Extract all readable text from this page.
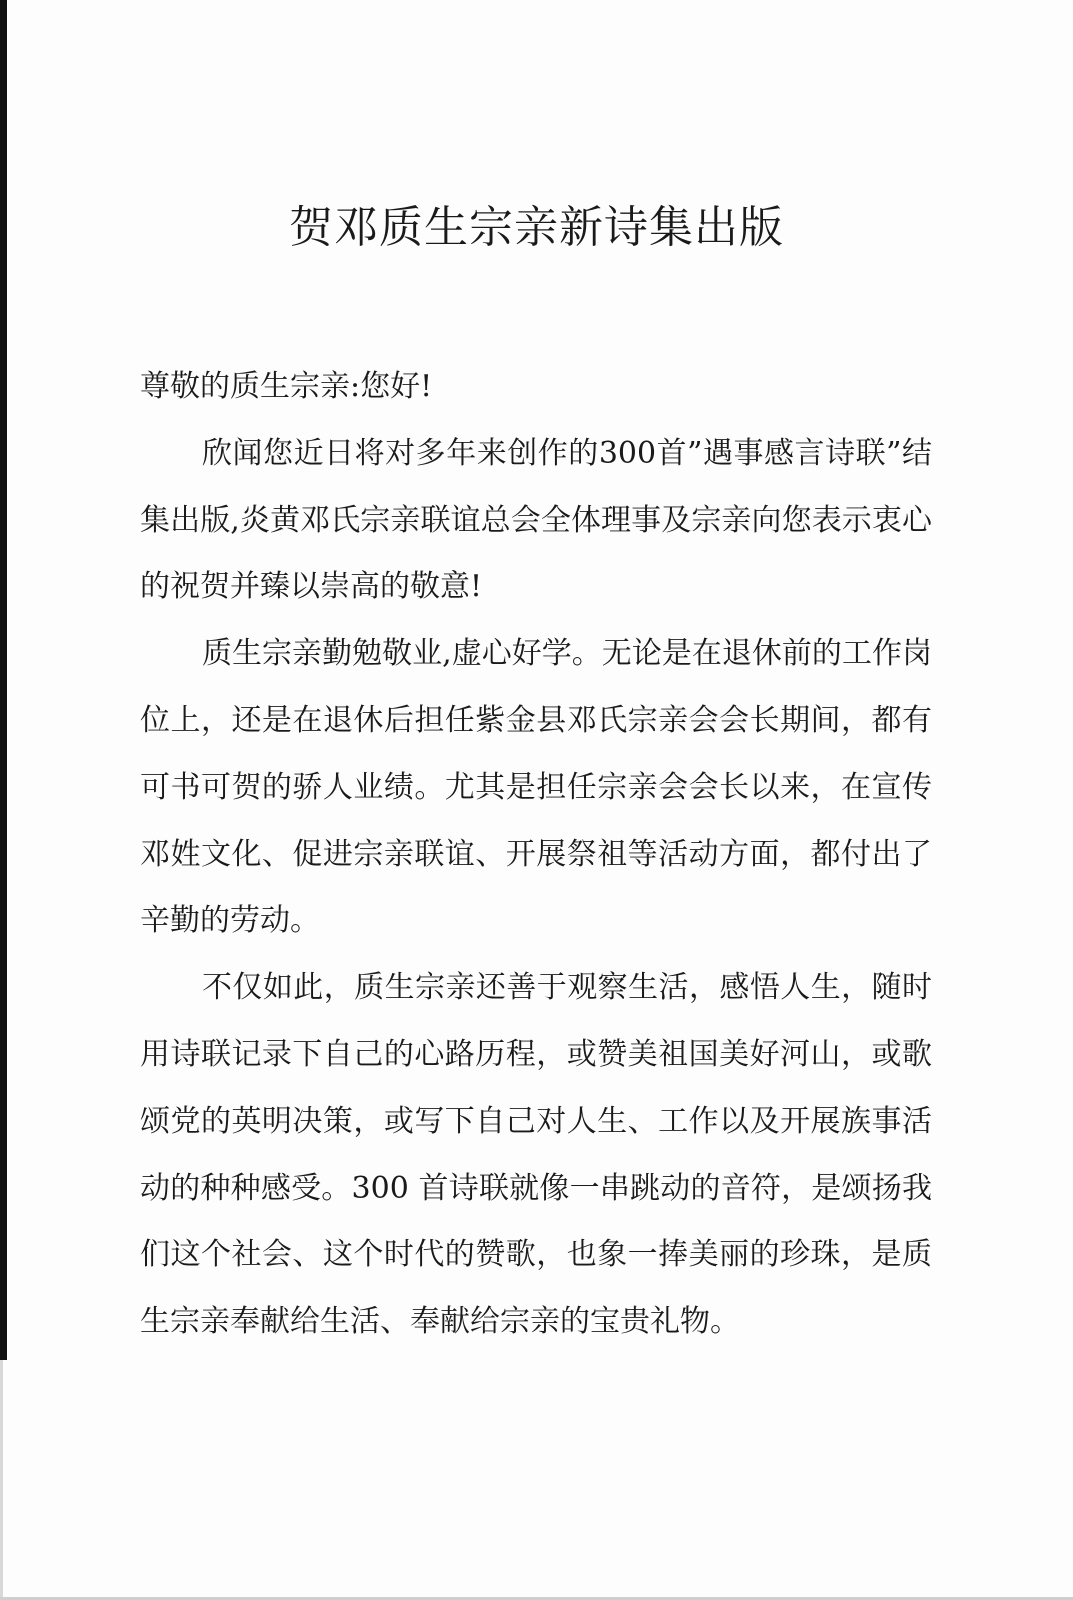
贺邓质生宗亲新诗集出版

尊敬的质生宗亲:您好!

欣闻您近日将对多年来创作的300首”遇事感言诗联”结集出版,炎黄邓氏宗亲联谊总会全体理事及宗亲向您表示衷心的祝贺并臻以崇高的敬意!

质生宗亲勤勉敬业,虚心好学。无论是在退休前的工作岗位上，还是在退休后担任紫金县邓氏宗亲会会长期间，都有可书可贺的骄人业绩。尤其是担任宗亲会会长以来，在宣传邓姓文化、促进宗亲联谊、开展祭祖等活动方面，都付出了辛勤的劳动。

不仅如此，质生宗亲还善于观察生活，感悟人生，随时用诗联记录下自己的心路历程，或赞美祖国美好河山，或歌颂党的英明决策，或写下自己对人生、工作以及开展族事活动的种种感受。300 首诗联就像一串跳动的音符，是颂扬我们这个社会、这个时代的赞歌，也象一捧美丽的珍珠，是质生宗亲奉献给生活、奉献给宗亲的宝贵礼物。
